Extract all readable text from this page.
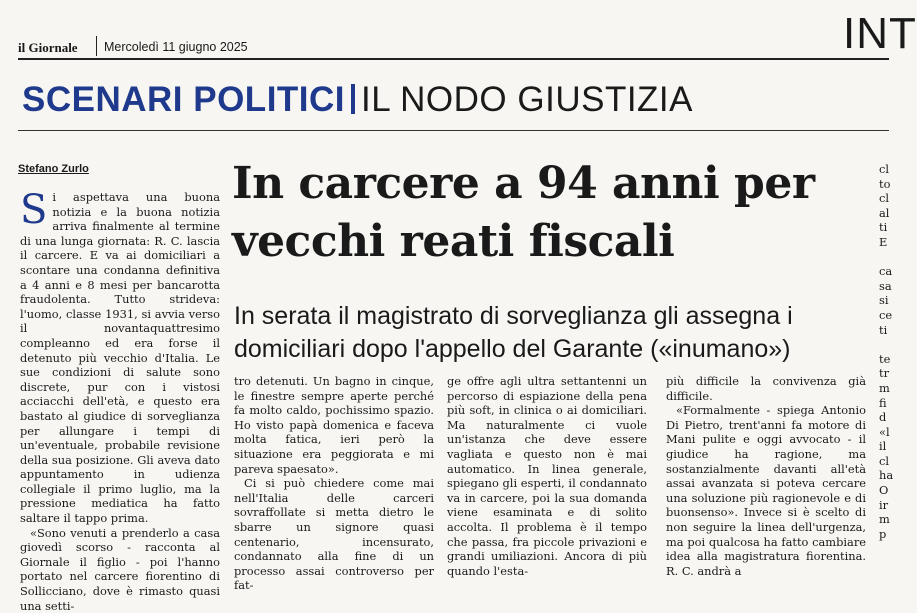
il Giornale Mercoledì 11 giugno 2025	INT
SCENARI POLITICI IL NODO GIUSTIZIA
Stefano Zurlo	In carcere a 94 anni per vecchi reati fiscali

In serata il magistrato di sorveglianza gli assegna i domiciliari dopo l'appello del Garante («inumano»)

Si aspettava una buona notizia e la buona notizia arriva finalmente al termine di una lunga giornata: R. C. lascia il carcere. E va ai domiciliari a scontare una condanna definitiva a 4 anni e 8 mesi per bancarotta fraudolenta. Tutto strideva: l'uomo, classe 1931, si avvia verso il novantaquattresimo compleanno ed era forse il detenuto più vecchio d'Italia. Le sue condizioni di salute sono discrete, pur con i vistosi acciacchi dell'età, e questo era bastato al giudice di sorveglianza per allungare i tempi di un'eventuale, probabile revisione della sua posizione. Gli aveva dato appuntamento in udienza collegiale il primo luglio, ma la pressione mediatica ha fatto saltare il tappo prima.

«Sono venuti a prenderlo a casa giovedì scorso - racconta al Giornale il figlio - poi l'hanno portato nel carcere fiorentino di Sollicciano, dove è rimasto quasi una setti-

tro detenuti. Un bagno in cinque, le finestre sempre aperte perché fa molto caldo, pochissimo spazio. Ho visto papà domenica e faceva molta fatica, ieri però la situazione era peggiorata e mi pareva spaesato».

Ci si può chiedere come mai nell'Italia delle carceri sovraffollate si metta dietro le sbarre un signore quasi centenario, incensurato, condannato alla fine di un processo assai controverso per fat-

ge offre agli ultra settantenni un percorso di espiazione della pena più soft, in clinica o ai domiciliari. Ma naturalmente ci vuole un'istanza che deve essere vagliata e questo non è mai automatico. In linea generale, spiegano gli esperti, il condannato va in carcere, poi la sua domanda viene esaminata e di solito accolta. Il problema è il tempo che passa, fra piccole privazioni e grandi umiliazioni. Ancora di più quando l'esta-

più difficile la convivenza già difficile.

«Formalmente - spiega Antonio Di Pietro, trent'anni fa motore di Mani pulite e oggi avvocato - il giudice ha ragione, ma sostanzialmente davanti all'età assai avanzata si poteva cercare una soluzione più ragionevole e di buonsenso». Invece si è scelto di non seguire la linea dell'urgenza, ma poi qualcosa ha fatto cambiare idea alla magistratura fiorentina. R. C. andrà a

cl
to
cl
al
ti
E

ca
sa
si
ce
ti

te
tr
m
fi
d
«l
il
cl
ha
O
ir
m
p
